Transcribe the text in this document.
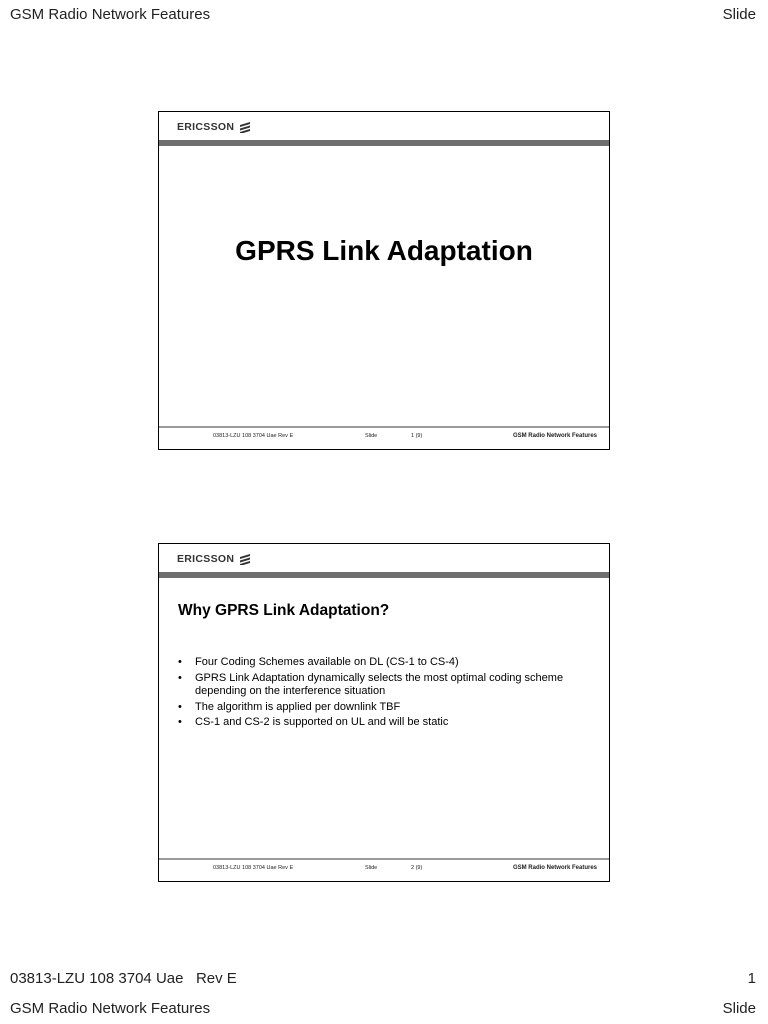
GSM Radio Network Features	Slide
ERICSSON
GPRS Link Adaptation
03813-LZU 108 3704 Uae Rev E	Slide	1 (9)	GSM Radio Network Features
ERICSSON
Why GPRS Link Adaptation?
• Four Coding Schemes available on DL (CS-1 to CS-4)
• GPRS Link Adaptation dynamically selects the most optimal coding scheme depending on the interference situation
• The algorithm is applied per downlink TBF
• CS-1 and CS-2 is supported on UL and will be static
03813-LZU 108 3704 Uae Rev E	Slide	2 (9)	GSM Radio Network Features
03813-LZU 108 3704 Uae   Rev E	1
GSM Radio Network Features	Slide
